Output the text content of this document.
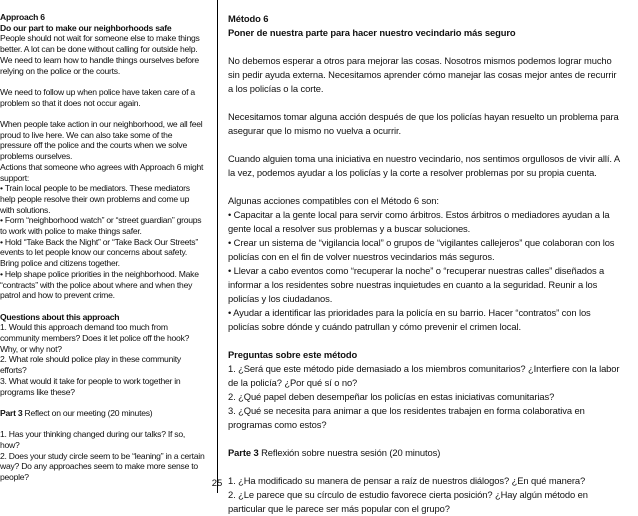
Approach 6
Do our part to make our neighborhoods safe

People should not wait for someone else to make things better. A lot can be done without calling for outside help. We need to learn how to handle things ourselves before relying on the police or the courts.

We need to follow up when police have taken care of a problem so that it does not occur again.

When people take action in our neighborhood, we all feel proud to live here. We can also take some of the pressure off the police and the courts when we solve problems ourselves.
Actions that someone who agrees with Approach 6 might support:
• Train local people to be mediators. These mediators help people resolve their own problems and come up with solutions.
• Form “neighborhood watch” or “street guardian” groups to work with police to make things safer.
• Hold “Take Back the Night” or “Take Back Our Streets” events to let people know our concerns about safety. Bring police and citizens together.
• Help shape police priorities in the neighborhood. Make “contracts” with the police about where and when they patrol and how to prevent crime.

Questions about this approach
1. Would this approach demand too much from community members? Does it let police off the hook? Why, or why not?
2. What role should police play in these community efforts?
3. What would it take for people to work together in programs like these?

Part 3 Reflect on our meeting (20 minutes)

1. Has your thinking changed during our talks? If so, how?
2. Does your study circle seem to be “leaning” in a certain way? Do any approaches seem to make more sense to people?
Método 6

Poner de nuestra parte para hacer nuestro vecindario más seguro

No debemos esperar a otros para mejorar las cosas. Nosotros mismos podemos lograr mucho sin pedir ayuda externa. Necesitamos aprender cómo manejar las cosas mejor antes de recurrir a los policías o la corte.

Necesitamos tomar alguna acción después de que los policías hayan resuelto un problema para asegurar que lo mismo no vuelva a ocurrir.

Cuando alguien toma una iniciativa en nuestro vecindario, nos sentimos orgullosos de vivir allí. A la vez, podemos ayudar a los policías y la corte a resolver problemas por su propia cuenta.

Algunas acciones compatibles con el Método 6 son:
• Capacitar a la gente local para servir como árbitros. Estos árbitros o mediadores ayudan a la gente local a resolver sus problemas y a buscar soluciones.
• Crear un sistema de “vigilancia local” o grupos de “vigilantes callejeros” que colaboran con los policías con en el fin de volver nuestros vecindarios más seguros.
• Llevar a cabo eventos como “recuperar la noche” o “recuperar nuestras calles” diseñados a informar a los residentes sobre nuestras inquietudes en cuanto a la seguridad. Reunir a los policías y los ciudadanos.
• Ayudar a identificar las prioridades para la policía en su barrio. Hacer “contratos” con los policías sobre dónde y cuándo patrullan y cómo prevenir el crimen local.

Preguntas sobre este método
1. ¿Será que este método pide demasiado a los miembros comunitarios? ¿Interfiere con la labor de la policía? ¿Por qué sí o no?
2. ¿Qué papel deben desempeñar los policías en estas iniciativas comunitarias?
3. ¿Qué se necesita para animar a que los residentes trabajen en forma colaborativa en programas como estos?

Parte 3 Reflexión sobre nuestra sesión (20 minutos)

1. ¿Ha modificado su manera de pensar a raíz de nuestros diálogos? ¿En qué manera?
2. ¿Le parece que su círculo de estudio favorece cierta posición? ¿Hay algún método en particular que le parece ser más popular con el grupo?
25
